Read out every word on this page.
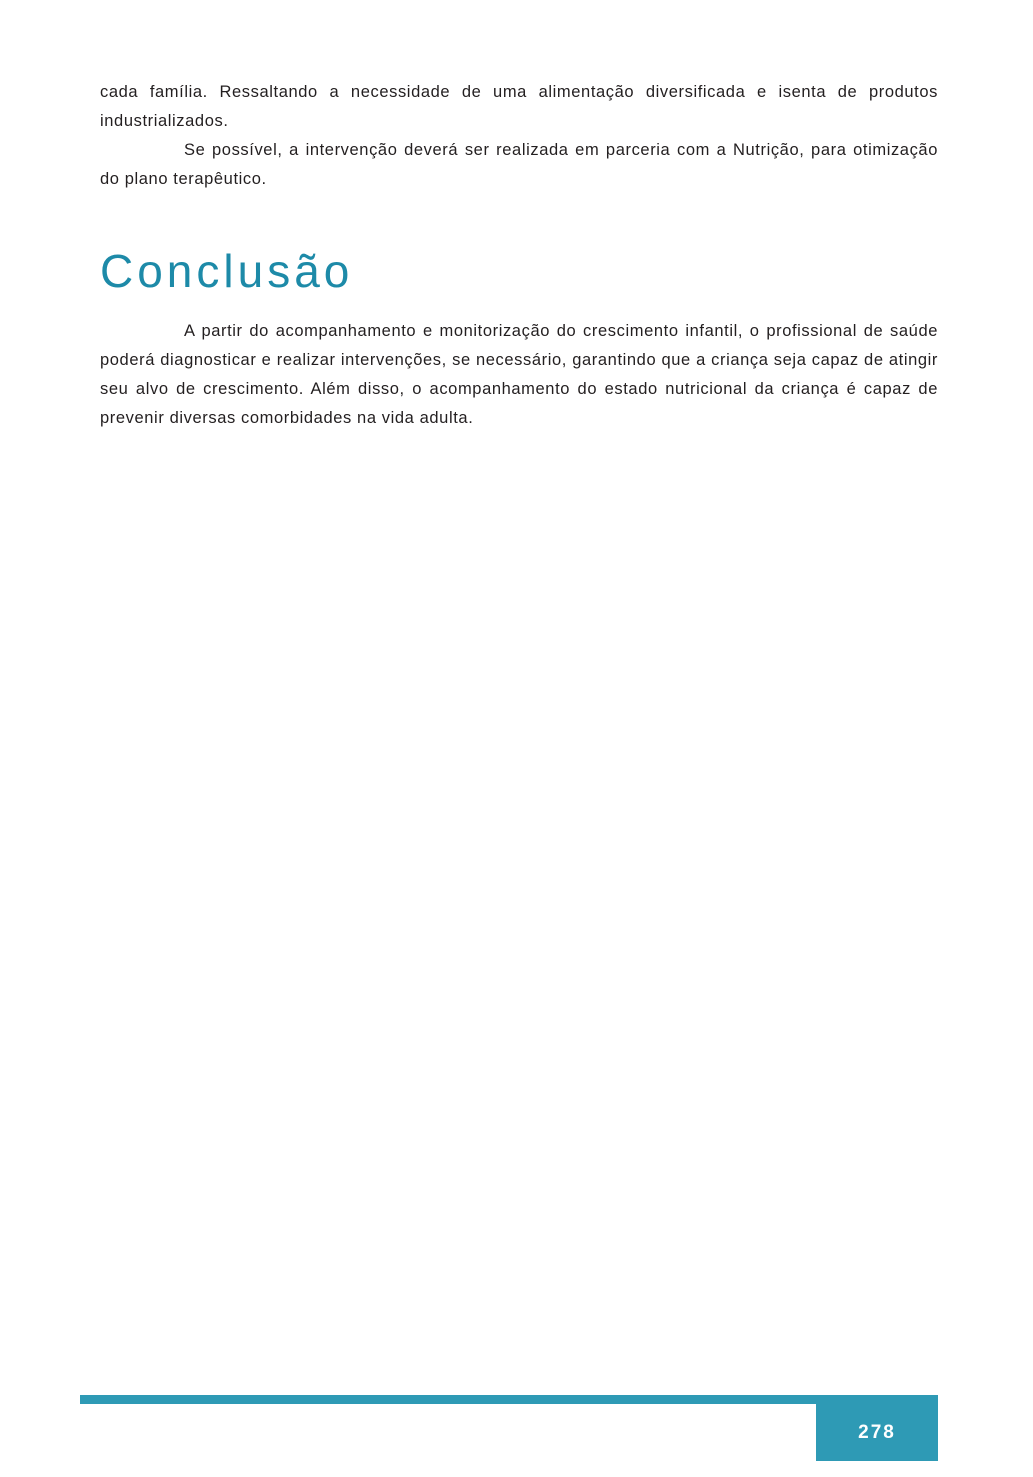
cada família. Ressaltando a necessidade de uma alimentação diversificada e isenta de produtos industrializados.

Se possível, a intervenção deverá ser realizada em parceria com a Nutrição, para otimização do plano terapêutico.

Conclusão

A partir do acompanhamento e monitorização do crescimento infantil, o profissional de saúde poderá diagnosticar e realizar intervenções, se necessário, garantindo que a criança seja capaz de atingir seu alvo de crescimento. Além disso, o acompanhamento do estado nutricional da criança é capaz de prevenir diversas comorbidades na vida adulta.

278
